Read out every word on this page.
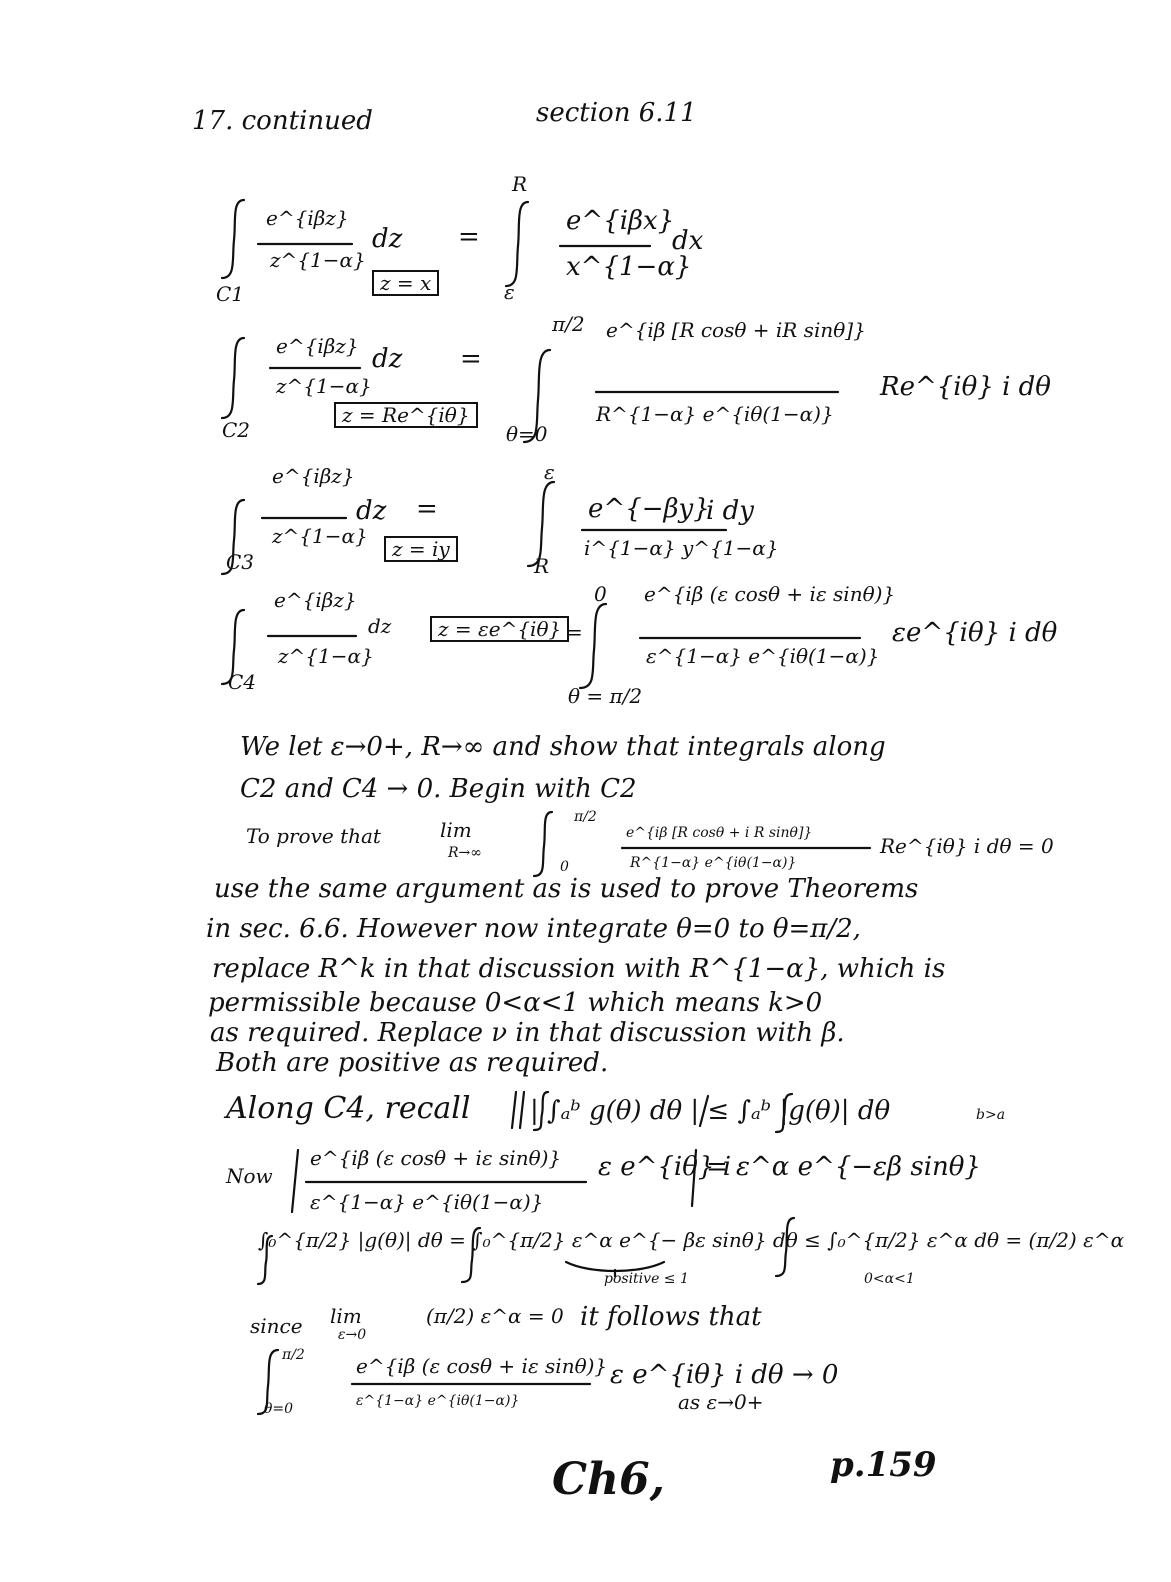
17. continued	section 6.11
e^{iβz}
z^{1−α}
dz
C1	z = x
=
R
ε
e^{iβx}
x^{1−α}
dx
e^{iβz}
z^{1−α}
dz
C2
z = Re^{iθ}
=
π/2
θ=0
e^{iβ [R cosθ + iR sinθ]}
R^{1−α} e^{iθ(1−α)}
Re^{iθ} i dθ
e^{iβz}
z^{1−α}
dz
C3
z = iy
=
ε
R
e^{−βy}
i^{1−α} y^{1−α}
i dy
e^{iβz}
z^{1−α}
dz
C4
z = εe^{iθ} =
0
θ = π/2
e^{iβ (ε cosθ + iε sinθ)}
ε^{1−α} e^{iθ(1−α)}
εe^{iθ} i dθ
We let ε→0+, R→∞ and show that integrals along
C2 and C4 → 0. Begin with C2
To prove that	lim
R→∞
π/2
0
e^{iβ [R cosθ + i R sinθ]}
R^{1−α} e^{iθ(1−α)}
Re^{iθ} i dθ = 0
use the same argument as is used to prove Theorems
in sec. 6.6. However now integrate θ=0 to θ=π/2,
replace R^k in that discussion with R^{1−α}, which is
permissible because 0<α<1 which means k>0
as required. Replace ν in that discussion with β.
Both are positive as required.
Along C4, recall | ∫ₐᵇ g(θ) dθ | ≤ ∫ₐᵇ |g(θ)| dθ	b>a
Now
e^{iβ (ε cosθ + iε sinθ)}
ε^{1−α} e^{iθ(1−α)}
ε e^{iθ} i
= ε^α e^{−εβ sinθ}
∫₀^{π/2} |g(θ)| dθ = ∫₀^{π/2} ε^α e^{− βε sinθ} dθ ≤ ∫₀^{π/2} ε^α dθ = (π/2) ε^α
positive ≤ 1	0<α<1
since lim
ε→0
(π/2) ε^α = 0 it follows that
π/2
θ=0
e^{iβ (ε cosθ + iε sinθ)}
ε^{1−α} e^{iθ(1−α)}
ε e^{iθ} i dθ → 0
as ε→0+
Ch6,	p.159
